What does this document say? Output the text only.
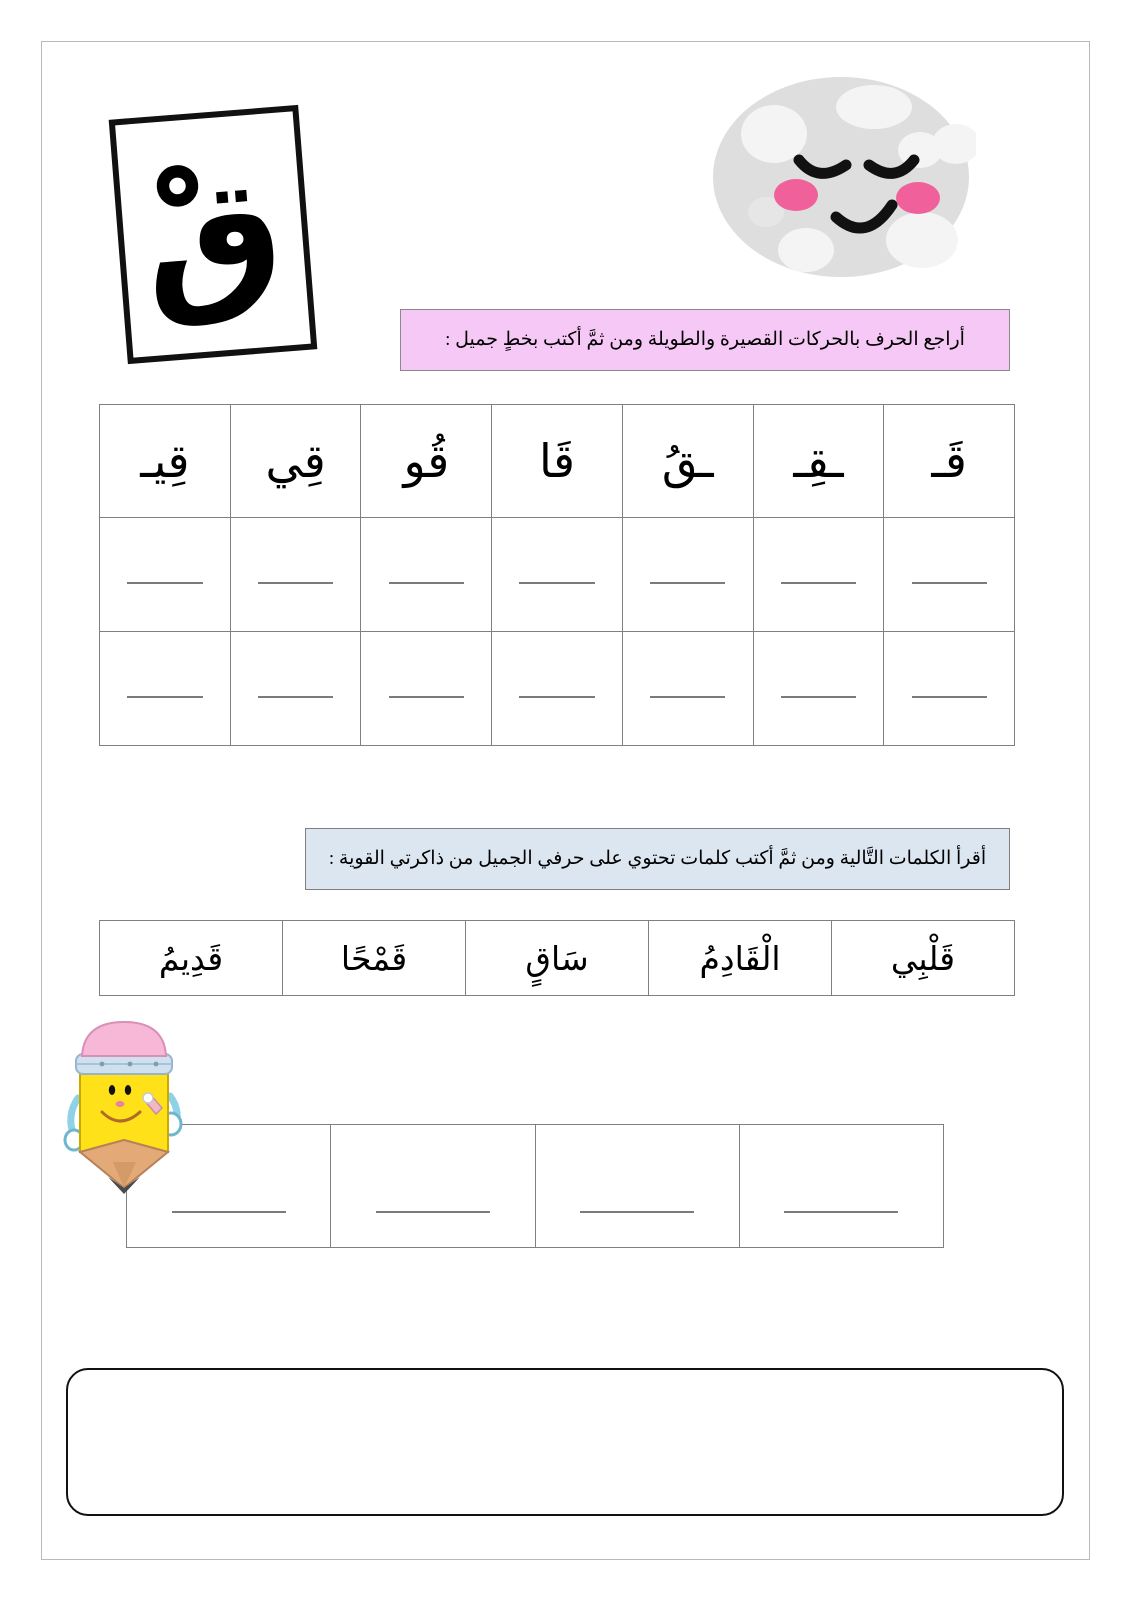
قْ
أراجع الحرف بالحركات القصيرة والطويلة ومن ثمَّ أكتب بخطٍ جميل :
قَـ	ـقِـ	ـقُ	قَا	قُو	قِي	قِيـ

أقرأ الكلمات التَّالية ومن ثمَّ أكتب كلمات تحتوي على حرفي الجميل من ذاكرتي القوية :
قَلْبِي	الْقَادِمُ	سَاقٍ	قَمْحًا	قَدِيمُ
